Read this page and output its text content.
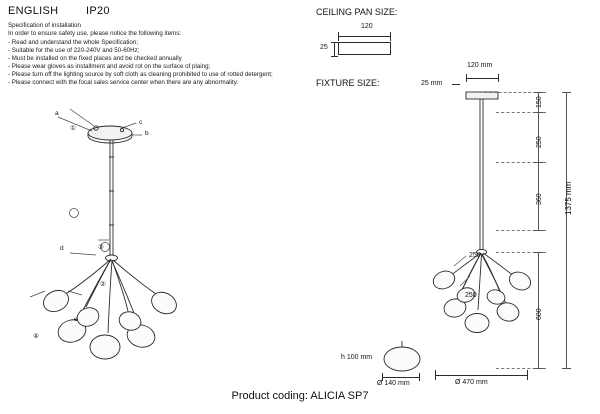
ENGLISH	IP20
Specification of installation
In order to ensure safety use, please notice the following items:
- Read and understand the whole Specification;
- Suitable for the use of 220-240V and 50-60Hz;
- Must be installed on the fixed places and be checked annually
- Please wear gloves as installment and avoid rot on the surface of plaing;
- Please turn off the lighting source by soft cloth as cleaning prohibited to use of rotted detergent;
- Please connect with the focal sales service center when there are any abnormality.
CEILING PAN SIZE:
120
25
FIXTURE SIZE:
a
b
c
d
e
①
③
④
②
120 mm
25 mm
150
250
360
600
1375 mm
250
250
Ø 470 mm
h 100 mm
Ø 140 mm
Product coding: ALICIA SP7
